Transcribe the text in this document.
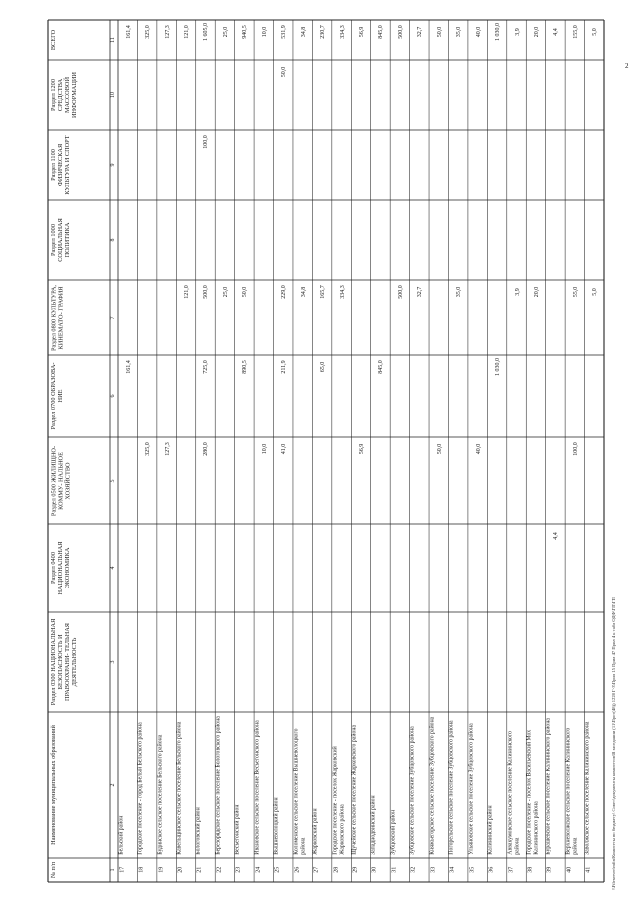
№ п/п
Наименование муниципальных образований
Раздел 0300 НАЦИОНАЛЬНАЯ БЕЗОПАСНОСТЬ И ПРАВООХРАНИ- ТЕЛЬНАЯ ДЕЯТЕЛЬНОСТЬ
Раздел 0400 НАЦИОНАЛЬНАЯ ЭКОНОМИКА
Раздел 0500 ЖИЛИЩНО- КОММУ- НАЛЬНОЕ ХОЗЯЙСТВО
Раздел 0700 ОБРАЗОВА- НИЕ
Раздел 0800 КУЛЬТУРА, КИНЕМАТО- ГРАФИЯ
Раздел 1000 СОЦИАЛЬНАЯ ПОЛИТИКА
Раздел 1100 ФИЗИЧЕСКАЯ КУЛЬТУРА И СПОРТ
Раздел 1200 СРЕДСТВА МАССОВОЙ ИНФОРМАЦИИ
ВСЕГО
1
2
3
4
5
6
7
8
9
10
11
17
Бельский район
161,4
161,4
18
Городское поселение - город Белый Бельского района
325,0
325,0
19
Будинское сельское поселение Бельского района
127,3
127,3
20
Кавельщинское сельское поселение Бельского района
121,0
121,0
21
Бологовский район
280,0
725,0
500,0
100,0
1 605,0
22
Березорядское сельское поселение Бологовского района
25,0
25,0
23
Весьегонский район
890,5
50,0
940,5
24
Ивановское сельское поселение Весьегонского района
10,0
10,0
25
Вышневолоцкий район
41,0
211,9
229,0
50,0
531,9
26
Коломенское сельское поселение Вышневолоцкого района
34,8
34,8
27
Жарковский район
65,0
165,7
230,7
28
Городское поселение - поселок Жарковский Жарковского района
334,3
334,3
29
Щучейское сельское поселение Жарковского района
56,9
56,9
30
Западнодвинский район
845,0
845,0
31
Зубцовский район
500,0
500,0
32
Зубцовское сельское поселение Зубцовского района
32,7
32,7
33
Княжьегорское сельское поселение Зубцовского района
50,0
50,0
34
Погорельское сельское поселение Зубцовского района
35,0
35,0
35
Ульяновское сельское поселение Зубцовского района
40,0
40,0
36
Калининский район
1 030,0
1 030,0
37
Аввакумовское сельское поселение Калининского района
3,9
3,9
38
Городское поселение - поселок Васильевский Мох Калининского района
20,0
20,0
39
Бурашевское сельское поселение Калининского района
4,4
4,4
40
Верхневолжское сельское поселение Калининского района
100,0
55,0
155,0
41
Заволжское сельское поселение Калининского района
5,0
5,0
2
\\Fileserver\mfin\Комитеты по бюджету\ Совет\документы комитетов\В заседании (11\Прот(48)) 1228 Г-3\Прил 15 Прил 47 Прил 4 к табл ОДФ\ГП\ГП
